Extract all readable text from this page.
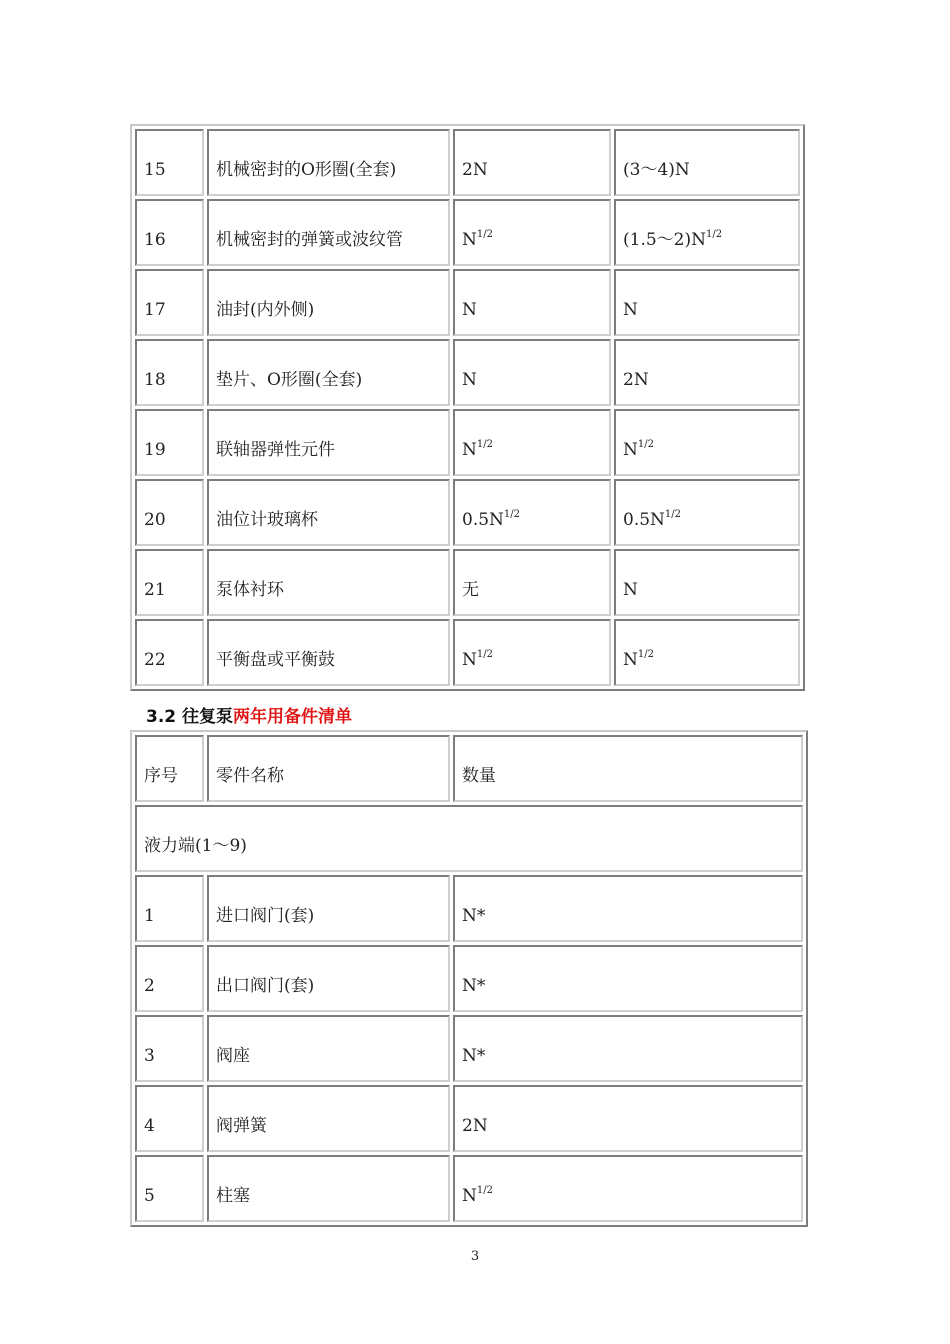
15	机械密封的O形圈(全套)	2N	(3～4)N
16	机械密封的弹簧或波纹管	$N^{1/2}$	$(1.5\sim 2)N^{1/2}$
17	油封(内外侧)	N	N
18	垫片、O形圈(全套)	N	2N
19	联轴器弹性元件	$N^{1/2}$	$N^{1/2}$
20	油位计玻璃杯	$0.5N^{1/2}$	$0.5N^{1/2}$
21	泵体衬环	无	N
22	平衡盘或平衡鼓	$N^{1/2}$	$N^{1/2}$
3.2 往复泵两年用备件清单
序号	零件名称	数量
液力端(1～9)		
1	进口阀门(套)	N*
2	出口阀门(套)	N*
3	阀座	N*
4	阀弹簧	2N
5	柱塞	$N^{1/2}$
3
